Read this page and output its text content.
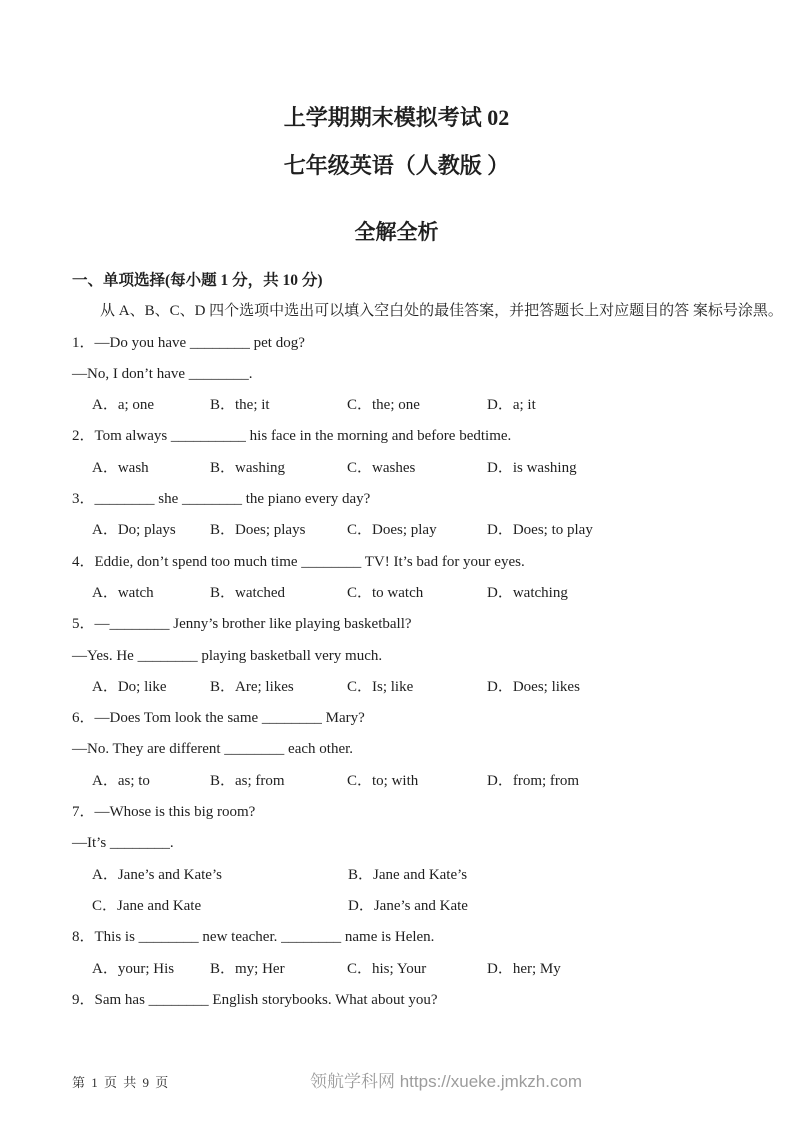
上学期期末模拟考试 02
七年级英语（人教版 ）
全解全析
一、单项选择(每小题 1 分，共 10 分)
从 A、B、C、D 四个选项中选出可以填入空白处的最佳答案，并把答题长上对应题目的答 案标号涂黑。
1．—Do you have ________ pet dog?
—No, I don’t have ________.
A．a; one	B．the; it	C．the; one	D．a; it
2．Tom always __________ his face in the morning and before bedtime.
A．wash	B．washing	C．washes	D．is washing
3．________ she ________ the piano every day?
A．Do; plays	B．Does; plays	C．Does; play	D．Does; to play
4．Eddie, don’t spend too much time ________ TV! It’s bad for your eyes.
A．watch	B．watched	C．to watch	D．watching
5．—________ Jenny’s brother like playing basketball?
—Yes. He ________ playing basketball very much.
A．Do; like	B．Are; likes	C．Is; like	D．Does; likes
6．—Does Tom look the same ________ Mary?
—No. They are different ________ each other.
A．as; to	B．as; from	C．to; with	D．from; from
7．—Whose is this big room?
—It’s ________.
A．Jane’s and Kate’s	B．Jane and Kate’s
C．Jane and Kate	D．Jane’s and Kate
8．This is ________ new teacher. ________ name is Helen.
A．your; His	B．my; Her	C．his; Your	D．her; My
9．Sam has ________ English storybooks. What about you?
第 1 页 共 9 页	领航学科网 https://xueke.jmkzh.com
